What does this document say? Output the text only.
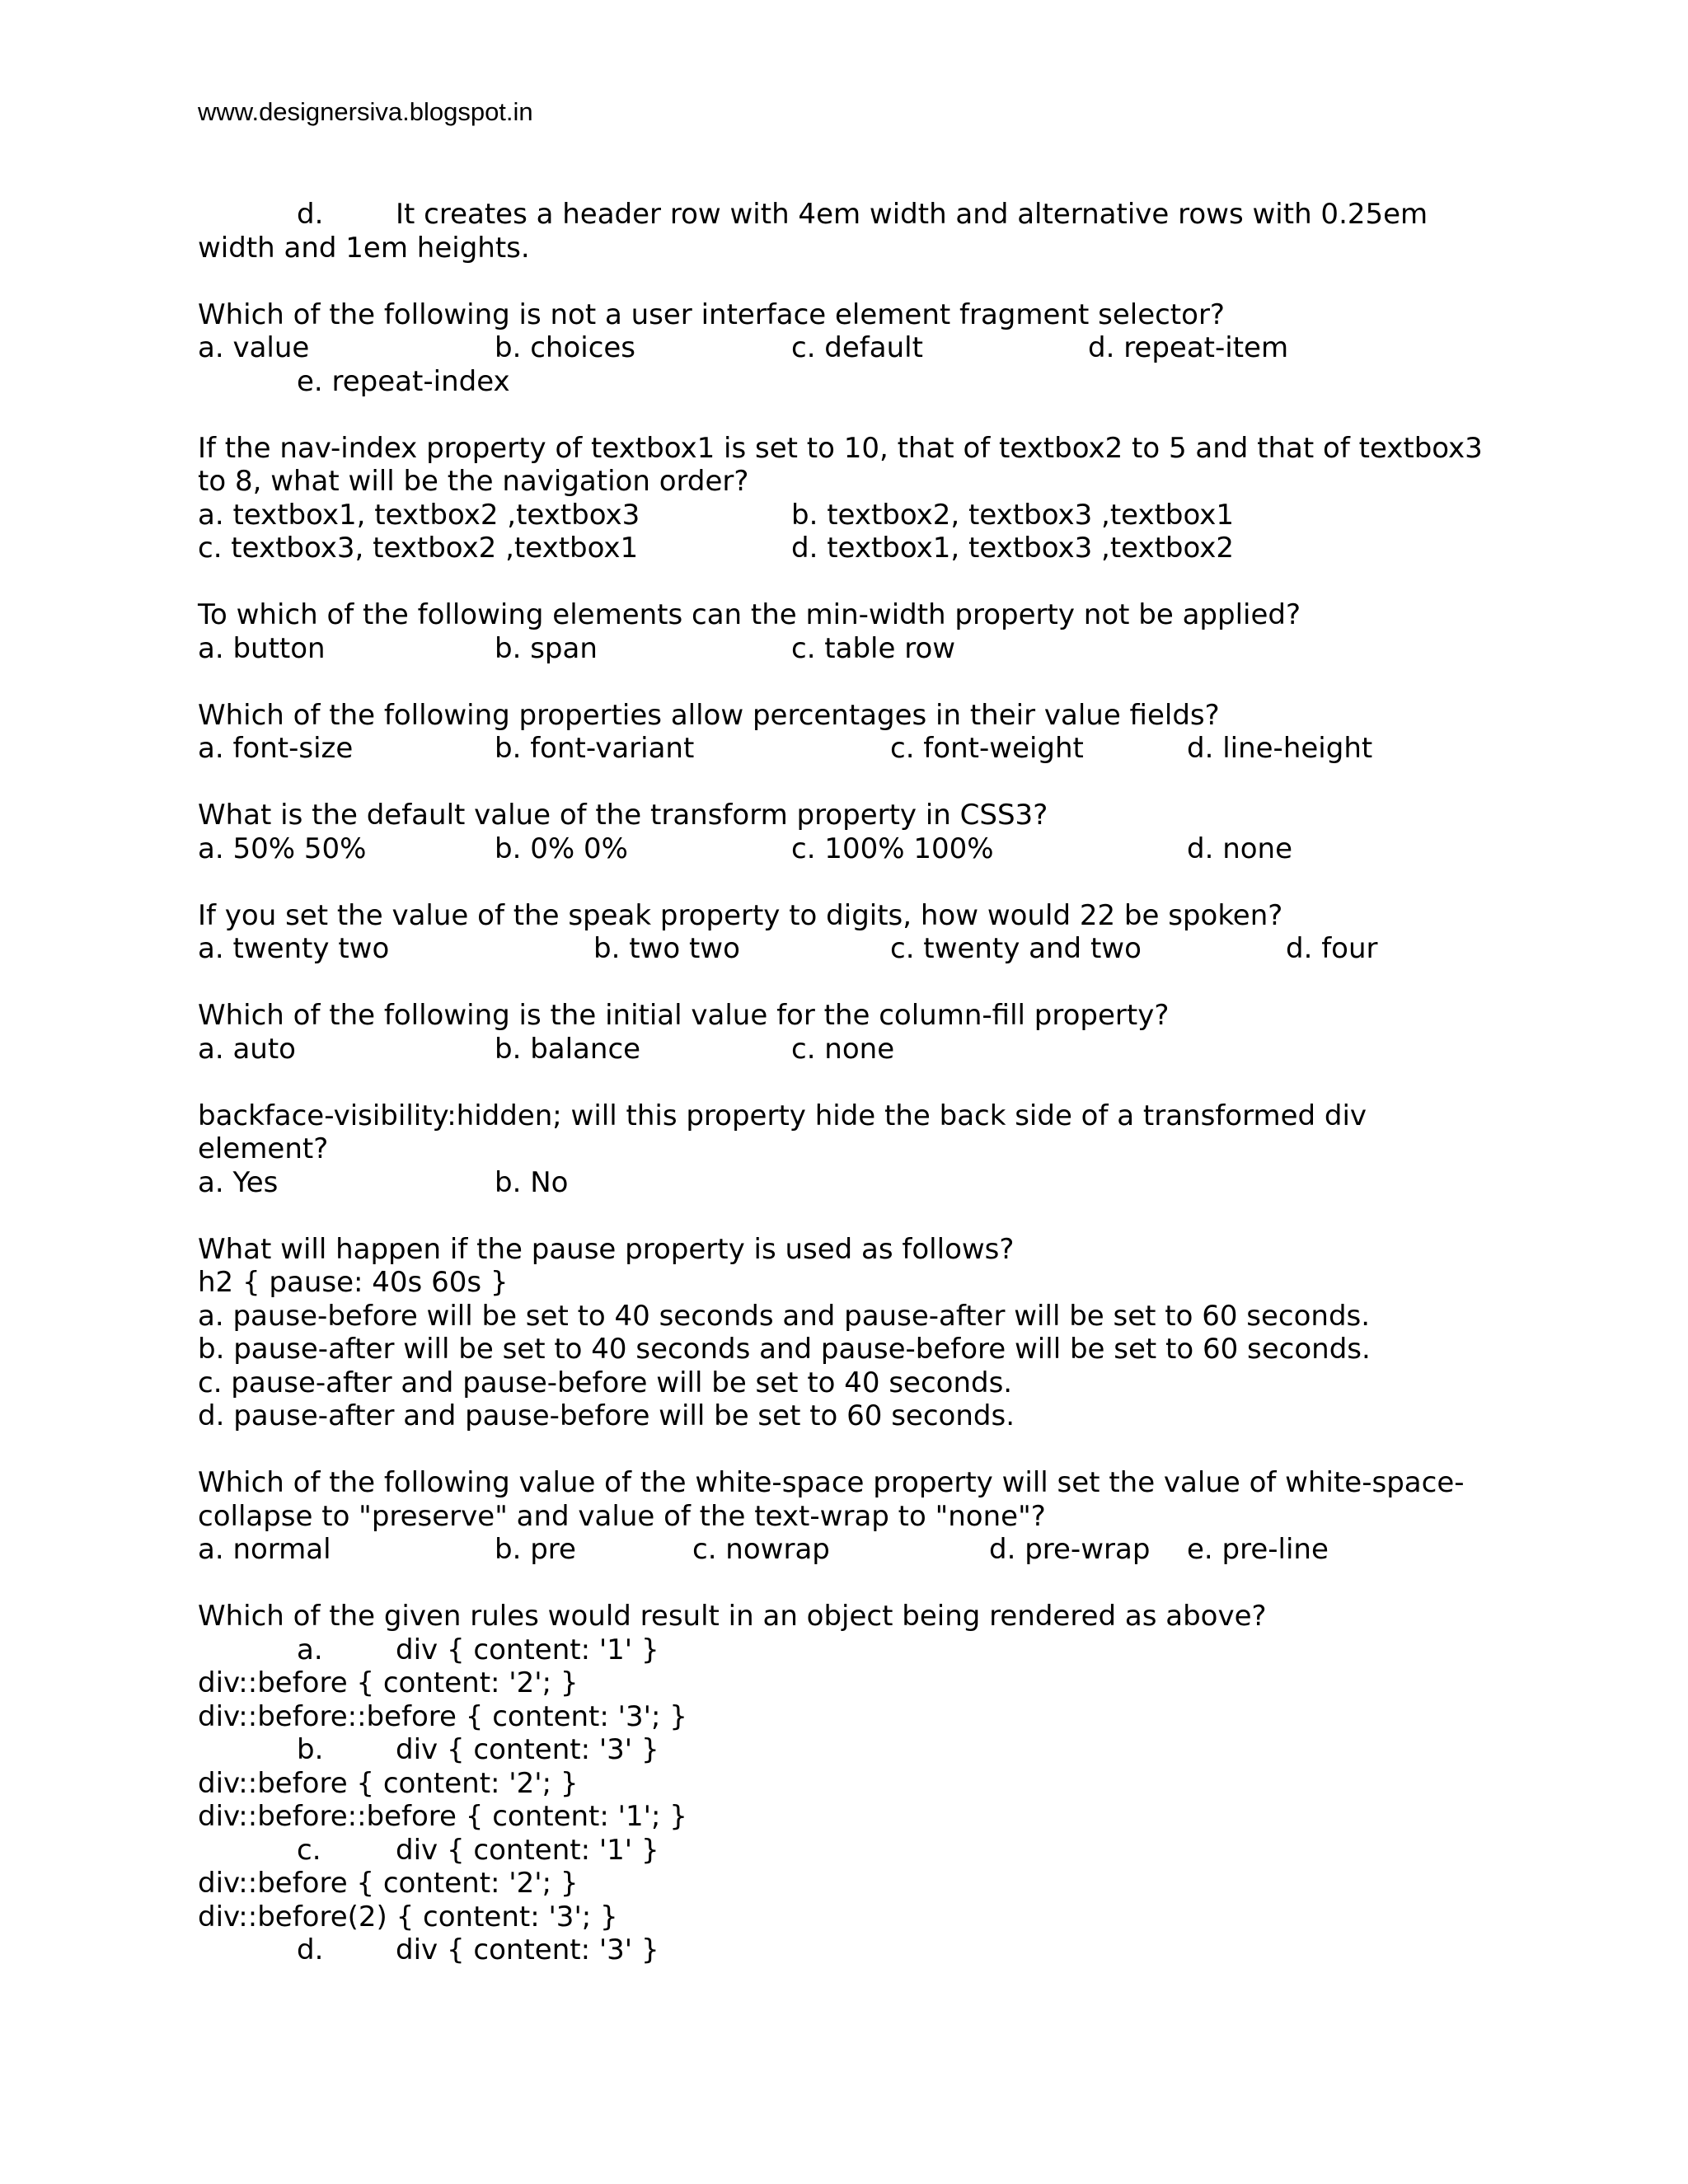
www.designersiva.blogspot.in
d.	It creates a header row with 4em width and alternative rows with 0.25em
width and 1em heights.
Which of the following is not a user interface element fragment selector?

a. value

	b. choices

	c. default

	d. repeat-item

e. repeat-index
If the nav-index property of textbox1 is set to 10, that of textbox2 to 5 and that of textbox3
to 8, what will be the navigation order?

a. textbox1, textbox2 ,textbox3

	b. textbox2, textbox3 ,textbox1

c. textbox3, textbox2 ,textbox1

	d. textbox1, textbox3 ,textbox2

To which of the following elements can the min-width property not be applied?

a. button

	b. span

	c. table row

Which of the following properties allow percentages in their value fields?

a. font-size

	b. font-variant

	c. font-weight

	d. line-height

What is the default value of the transform property in CSS3?

a. 50% 50%

	b. 0% 0%

	c. 100% 100%

	d. none

If you set the value of the speak property to digits, how would 22 be spoken?

a. twenty two

	b. two two

	c. twenty and two

	d. four

Which of the following is the initial value for the column-fill property?

a. auto

	b. balance

	c. none

backface-visibility:hidden; will this property hide the back side of a transformed div
element?

a. Yes

	b. No

What will happen if the pause property is used as follows?
h2 { pause: 40s 60s }
a. pause-before will be set to 40 seconds and pause-after will be set to 60 seconds.
b. pause-after will be set to 40 seconds and pause-before will be set to 60 seconds.
c. pause-after and pause-before will be set to 40 seconds.
d. pause-after and pause-before will be set to 60 seconds.
Which of the following value of the white-space property will set the value of white-space-
collapse to "preserve" and value of the text-wrap to "none"?

a. normal

	b. pre

	c. nowrap

	d. pre-wrap

e. pre-line

Which of the given rules would result in an object being rendered as above?
a.	div { content: '1' }
div::before { content: '2'; }
div::before::before { content: '3'; }
b.	div { content: '3' }
div::before { content: '2'; }
div::before::before { content: '1'; }
c.	div { content: '1' }
div::before { content: '2'; }
div::before(2) { content: '3'; }
d.	div { content: '3' }
